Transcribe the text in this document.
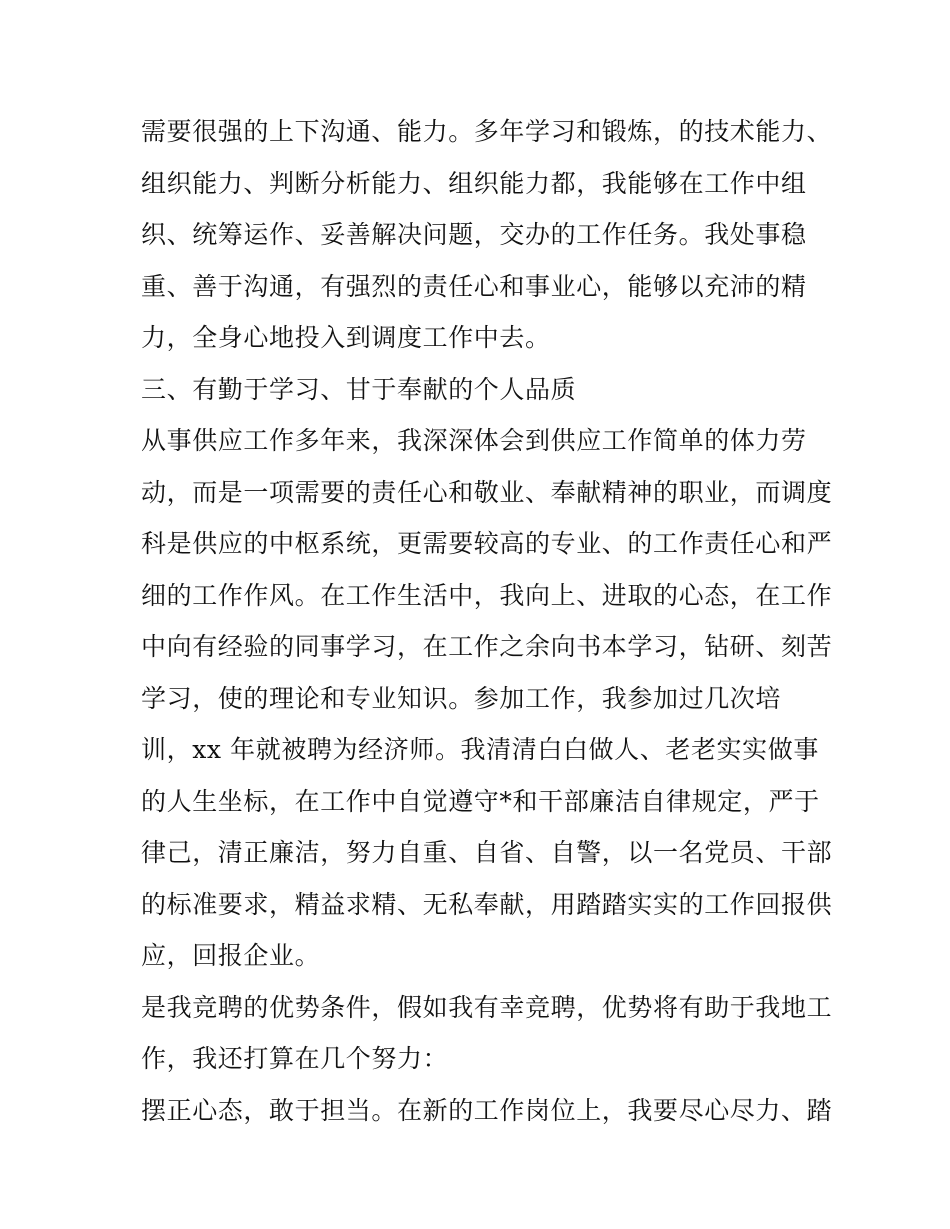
需要很强的上下沟通、能力。多年学习和锻炼，的技术能力、
组织能力、判断分析能力、组织能力都，我能够在工作中组
织、统筹运作、妥善解决问题，交办的工作任务。我处事稳
重、善于沟通，有强烈的责任心和事业心，能够以充沛的精
力，全身心地投入到调度工作中去。
三、有勤于学习、甘于奉献的个人品质
从事供应工作多年来，我深深体会到供应工作简单的体力劳
动，而是一项需要的责任心和敬业、奉献精神的职业，而调度
科是供应的中枢系统，更需要较高的专业、的工作责任心和严
细的工作作风。在工作生活中，我向上、进取的心态，在工作
中向有经验的同事学习，在工作之余向书本学习，钻研、刻苦
学习，使的理论和专业知识。参加工作，我参加过几次培
训，xx 年就被聘为经济师。我清清白白做人、老老实实做事
的人生坐标，在工作中自觉遵守*和干部廉洁自律规定，严于
律己，清正廉洁，努力自重、自省、自警，以一名党员、干部
的标准要求，精益求精、无私奉献，用踏踏实实的工作回报供
应，回报企业。
是我竞聘的优势条件，假如我有幸竞聘，优势将有助于我地工
作，我还打算在几个努力：
摆正心态，敢于担当。在新的工作岗位上，我要尽心尽力、踏
